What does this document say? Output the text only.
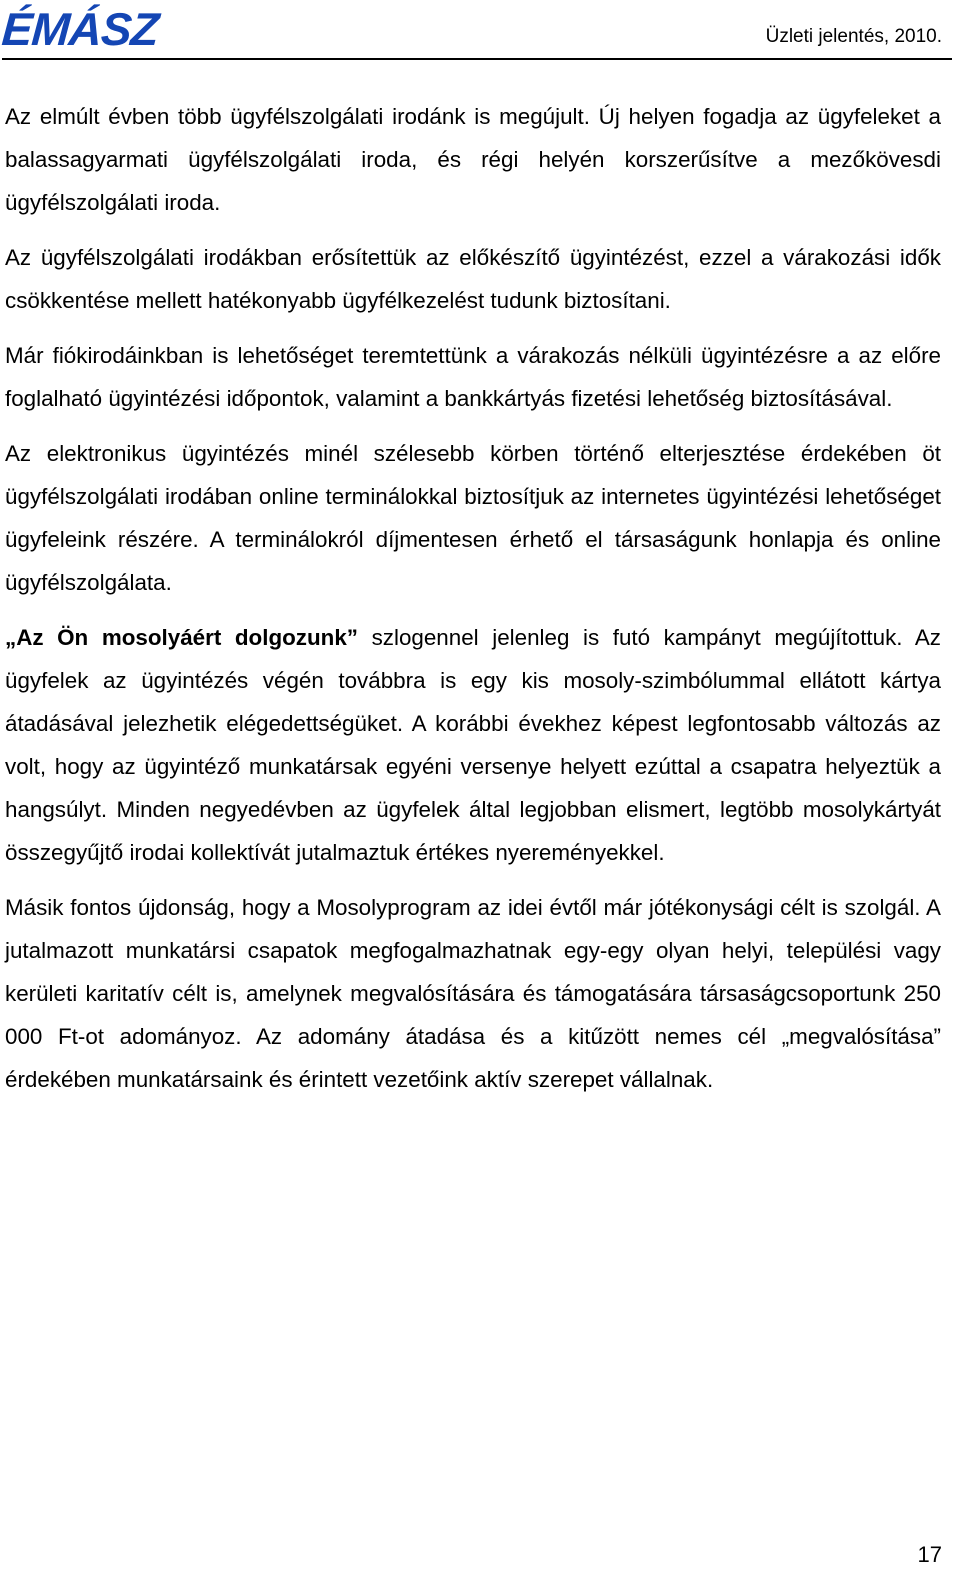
ÉMÁSZ	Üzleti jelentés, 2010.

Az elmúlt évben több ügyfélszolgálati irodánk is megújult. Új helyen fogadja az ügyfeleket a balassagyarmati ügyfélszolgálati iroda, és régi helyén korszerűsítve a mezőkövesdi ügyfélszolgálati iroda.

Az ügyfélszolgálati irodákban erősítettük az előkészítő ügyintézést, ezzel a várakozási idők csökkentése mellett hatékonyabb ügyfélkezelést tudunk biztosítani.

Már fiókirodáinkban is lehetőséget teremtettünk a várakozás nélküli ügyintézésre a az előre foglalható ügyintézési időpontok, valamint a bankkártyás fizetési lehetőség biztosításával.

Az elektronikus ügyintézés minél szélesebb körben történő elterjesztése érdekében öt ügyfélszolgálati irodában online terminálokkal biztosítjuk az internetes ügyintézési lehetőséget ügyfeleink részére. A terminálokról díjmentesen érhető el társaságunk honlapja és online ügyfélszolgálata.

„Az Ön mosolyáért dolgozunk” szlogennel jelenleg is futó kampányt megújítottuk. Az ügyfelek az ügyintézés végén továbbra is egy kis mosoly-szimbólummal ellátott kártya átadásával jelezhetik elégedettségüket. A korábbi évekhez képest legfontosabb változás az volt, hogy az ügyintéző munkatársak egyéni versenye helyett ezúttal a csapatra helyeztük a hangsúlyt. Minden negyedévben az ügyfelek által legjobban elismert, legtöbb mosolykártyát összegyűjtő irodai kollektívát jutalmaztuk értékes nyereményekkel.

Másik fontos újdonság, hogy a Mosolyprogram az idei évtől már jótékonysági célt is szolgál. A jutalmazott munkatársi csapatok megfogalmazhatnak egy-egy olyan helyi, települési vagy kerületi karitatív célt is, amelynek megvalósítására és támogatására társaságcsoportunk 250 000 Ft-ot adományoz. Az adomány átadása és a kitűzött nemes cél „megvalósítása” érdekében munkatársaink és érintett vezetőink aktív szerepet vállalnak.

17
